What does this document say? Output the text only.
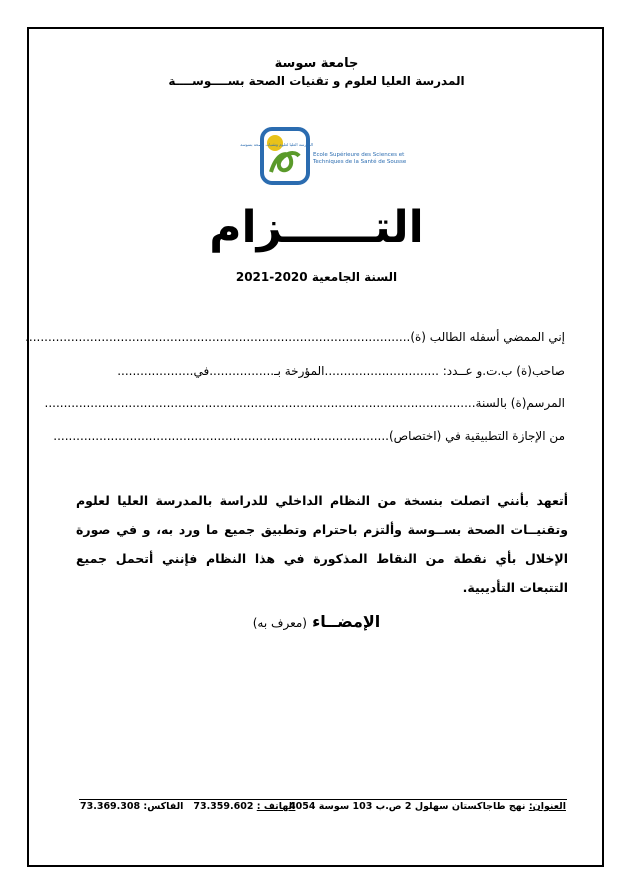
جامعة سوسة
المدرسة العليا لعلوم و تقنيات الصحة بســــوســــة
المدرسة العليا لعلوم وتقنيات الصحة بسوسة
Ecole Supérieure des Sciences et
Techniques de la Santé de Sousse
التــــــزام
السنة الجامعية 2020-2021
إني الممضي أسفله الطالب (ة).....................................................................................................
صاحب(ة) ب.ت.و عــدد: ..............................المؤرخة بـ.................في....................
المرسم(ة) بالسنة.................................................................................................................
من الإجازة التطبيقية في (اختصاص)........................................................................................
أتعهد بأنني اتصلت بنسخة من النظام الداخلي للدراسة بالمدرسة العليا لعلوم وتقنيــات الصحة بســوسة وألتزم باحترام وتطبيق جميع ما ورد به، و في صورة الإخلال بأي نقطة من النقاط المذكورة في هذا النظام فإنني أتحمل جميع التتبعات التأديبية.
الإمضــاء (معرف به)
العنوان: نهج طاجاكستان سهلول 2 ص.ب 103 سوسة 4054
الهاتف : 73.359.602   الفاكس: 73.369.308
